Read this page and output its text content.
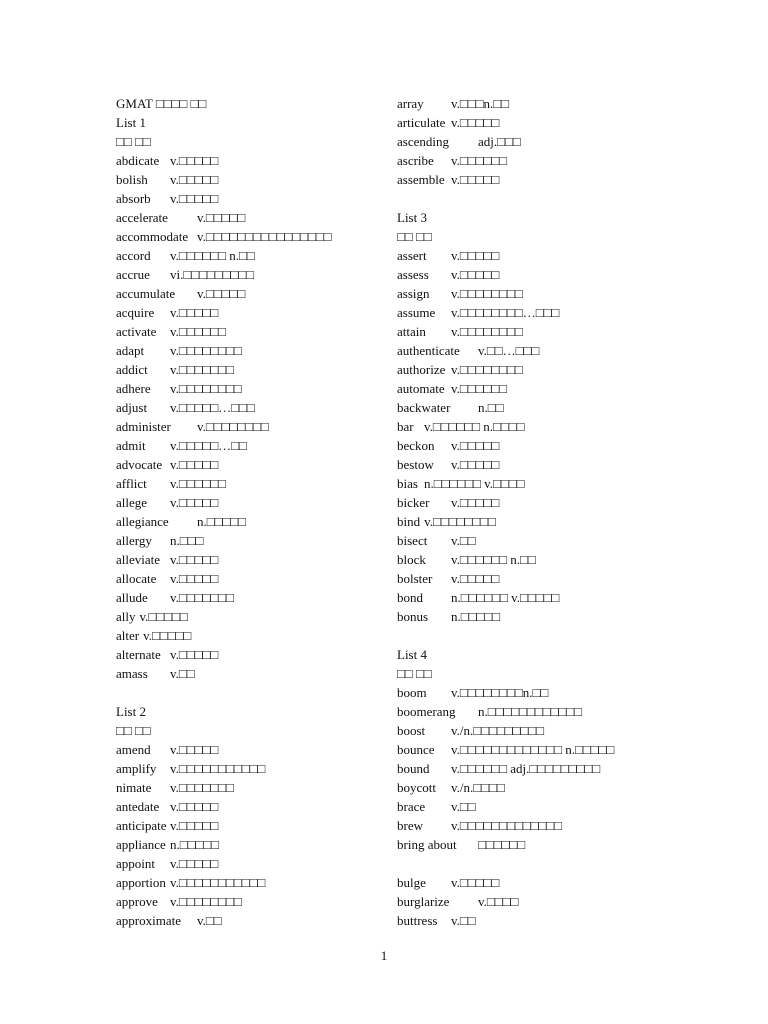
GMAT □□□□ □□
List 1
□□ □□
abdicate v.□□□□□
bolish v.□□□□□
absorb v.□□□□□
accelerate v.□□□□□
accommodate v.□□□□□□□□□□□□□□□□
accord v.□□□□□□ n.□□
accrue vi.□□□□□□□□□
accumulate v.□□□□□
acquire v.□□□□□
activate v.□□□□□□
adapt v.□□□□□□□□
addict v.□□□□□□□
adhere v.□□□□□□□□
adjust v.□□□□□…□□□
administer v.□□□□□□□□
admit v.□□□□□…□□
advocate v.□□□□□
afflict v.□□□□□□
allege v.□□□□□
allegiance n.□□□□□
allergy n.□□□
alleviate v.□□□□□
allocate v.□□□□□
allude v.□□□□□□□
ally v.□□□□□
alter v.□□□□□
alternate v.□□□□□
amass v.□□
List 2
□□ □□
amend v.□□□□□
amplify v.□□□□□□□□□□□
nimate v.□□□□□□□
antedate v.□□□□□
anticipate v.□□□□□
appliance n.□□□□□
appoint v.□□□□□
apportion v.□□□□□□□□□□□
approve v.□□□□□□□□
approximate v.□□
array v.□□□n.□□
articulate v.□□□□□
ascending adj.□□□
ascribe v.□□□□□□
assemble v.□□□□□
List 3
□□ □□
assert v.□□□□□
assess v.□□□□□
assign v.□□□□□□□□
assume v.□□□□□□□□…□□□
attain v.□□□□□□□□
authenticate v.□□…□□□
authorize v.□□□□□□□□
automate v.□□□□□□
backwater n.□□
bar v.□□□□□□ n.□□□□
beckon v.□□□□□
bestow v.□□□□□
bias n.□□□□□□ v.□□□□
bicker v.□□□□□
bind v.□□□□□□□□
bisect v.□□
block v.□□□□□□ n.□□
bolster v.□□□□□
bond n.□□□□□□ v.□□□□□
bonus n.□□□□□
List 4
□□ □□
boom v.□□□□□□□□n.□□
boomerang n.□□□□□□□□□□□□
boost v./n.□□□□□□□□□
bounce v.□□□□□□□□□□□□□ n.□□□□□
bound v.□□□□□□ adj.□□□□□□□□□
boycott v./n.□□□□
brace v.□□
brew v.□□□□□□□□□□□□□
bring about □□□□□□
bulge v.□□□□□
burglarize v.□□□□
buttress v.□□
1
